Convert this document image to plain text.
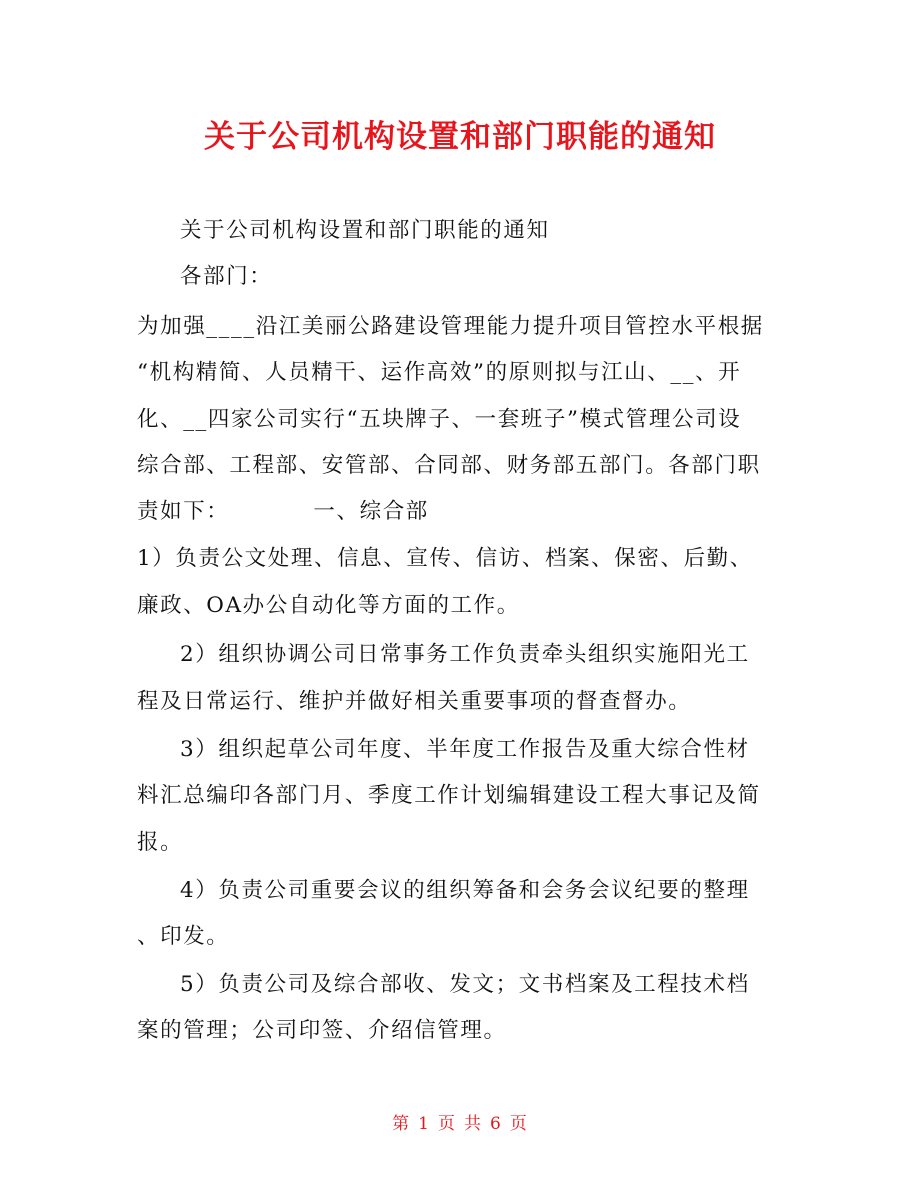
关于公司机构设置和部门职能的通知
关于公司机构设置和部门职能的通知
各部门：
为加强____沿江美丽公路建设管理能力提升项目管控水平根据
“机构精简、人员精干、运作高效”的原则拟与江山、__、开
化、__四家公司实行“五块牌子、一套班子”模式管理公司设
综合部、工程部、安管部、合同部、财务部五部门。各部门职
责如下：	一、综合部
1）负责公文处理、信息、宣传、信访、档案、保密、后勤、
廉政、OA办公自动化等方面的工作。
2）组织协调公司日常事务工作负责牵头组织实施阳光工
程及日常运行、维护并做好相关重要事项的督查督办。
3）组织起草公司年度、半年度工作报告及重大综合性材
料汇总编印各部门月、季度工作计划编辑建设工程大事记及简
报。
4）负责公司重要会议的组织筹备和会务会议纪要的整理
、印发。
5）负责公司及综合部收、发文；文书档案及工程技术档
案的管理；公司印签、介绍信管理。
第 1 页 共 6 页
